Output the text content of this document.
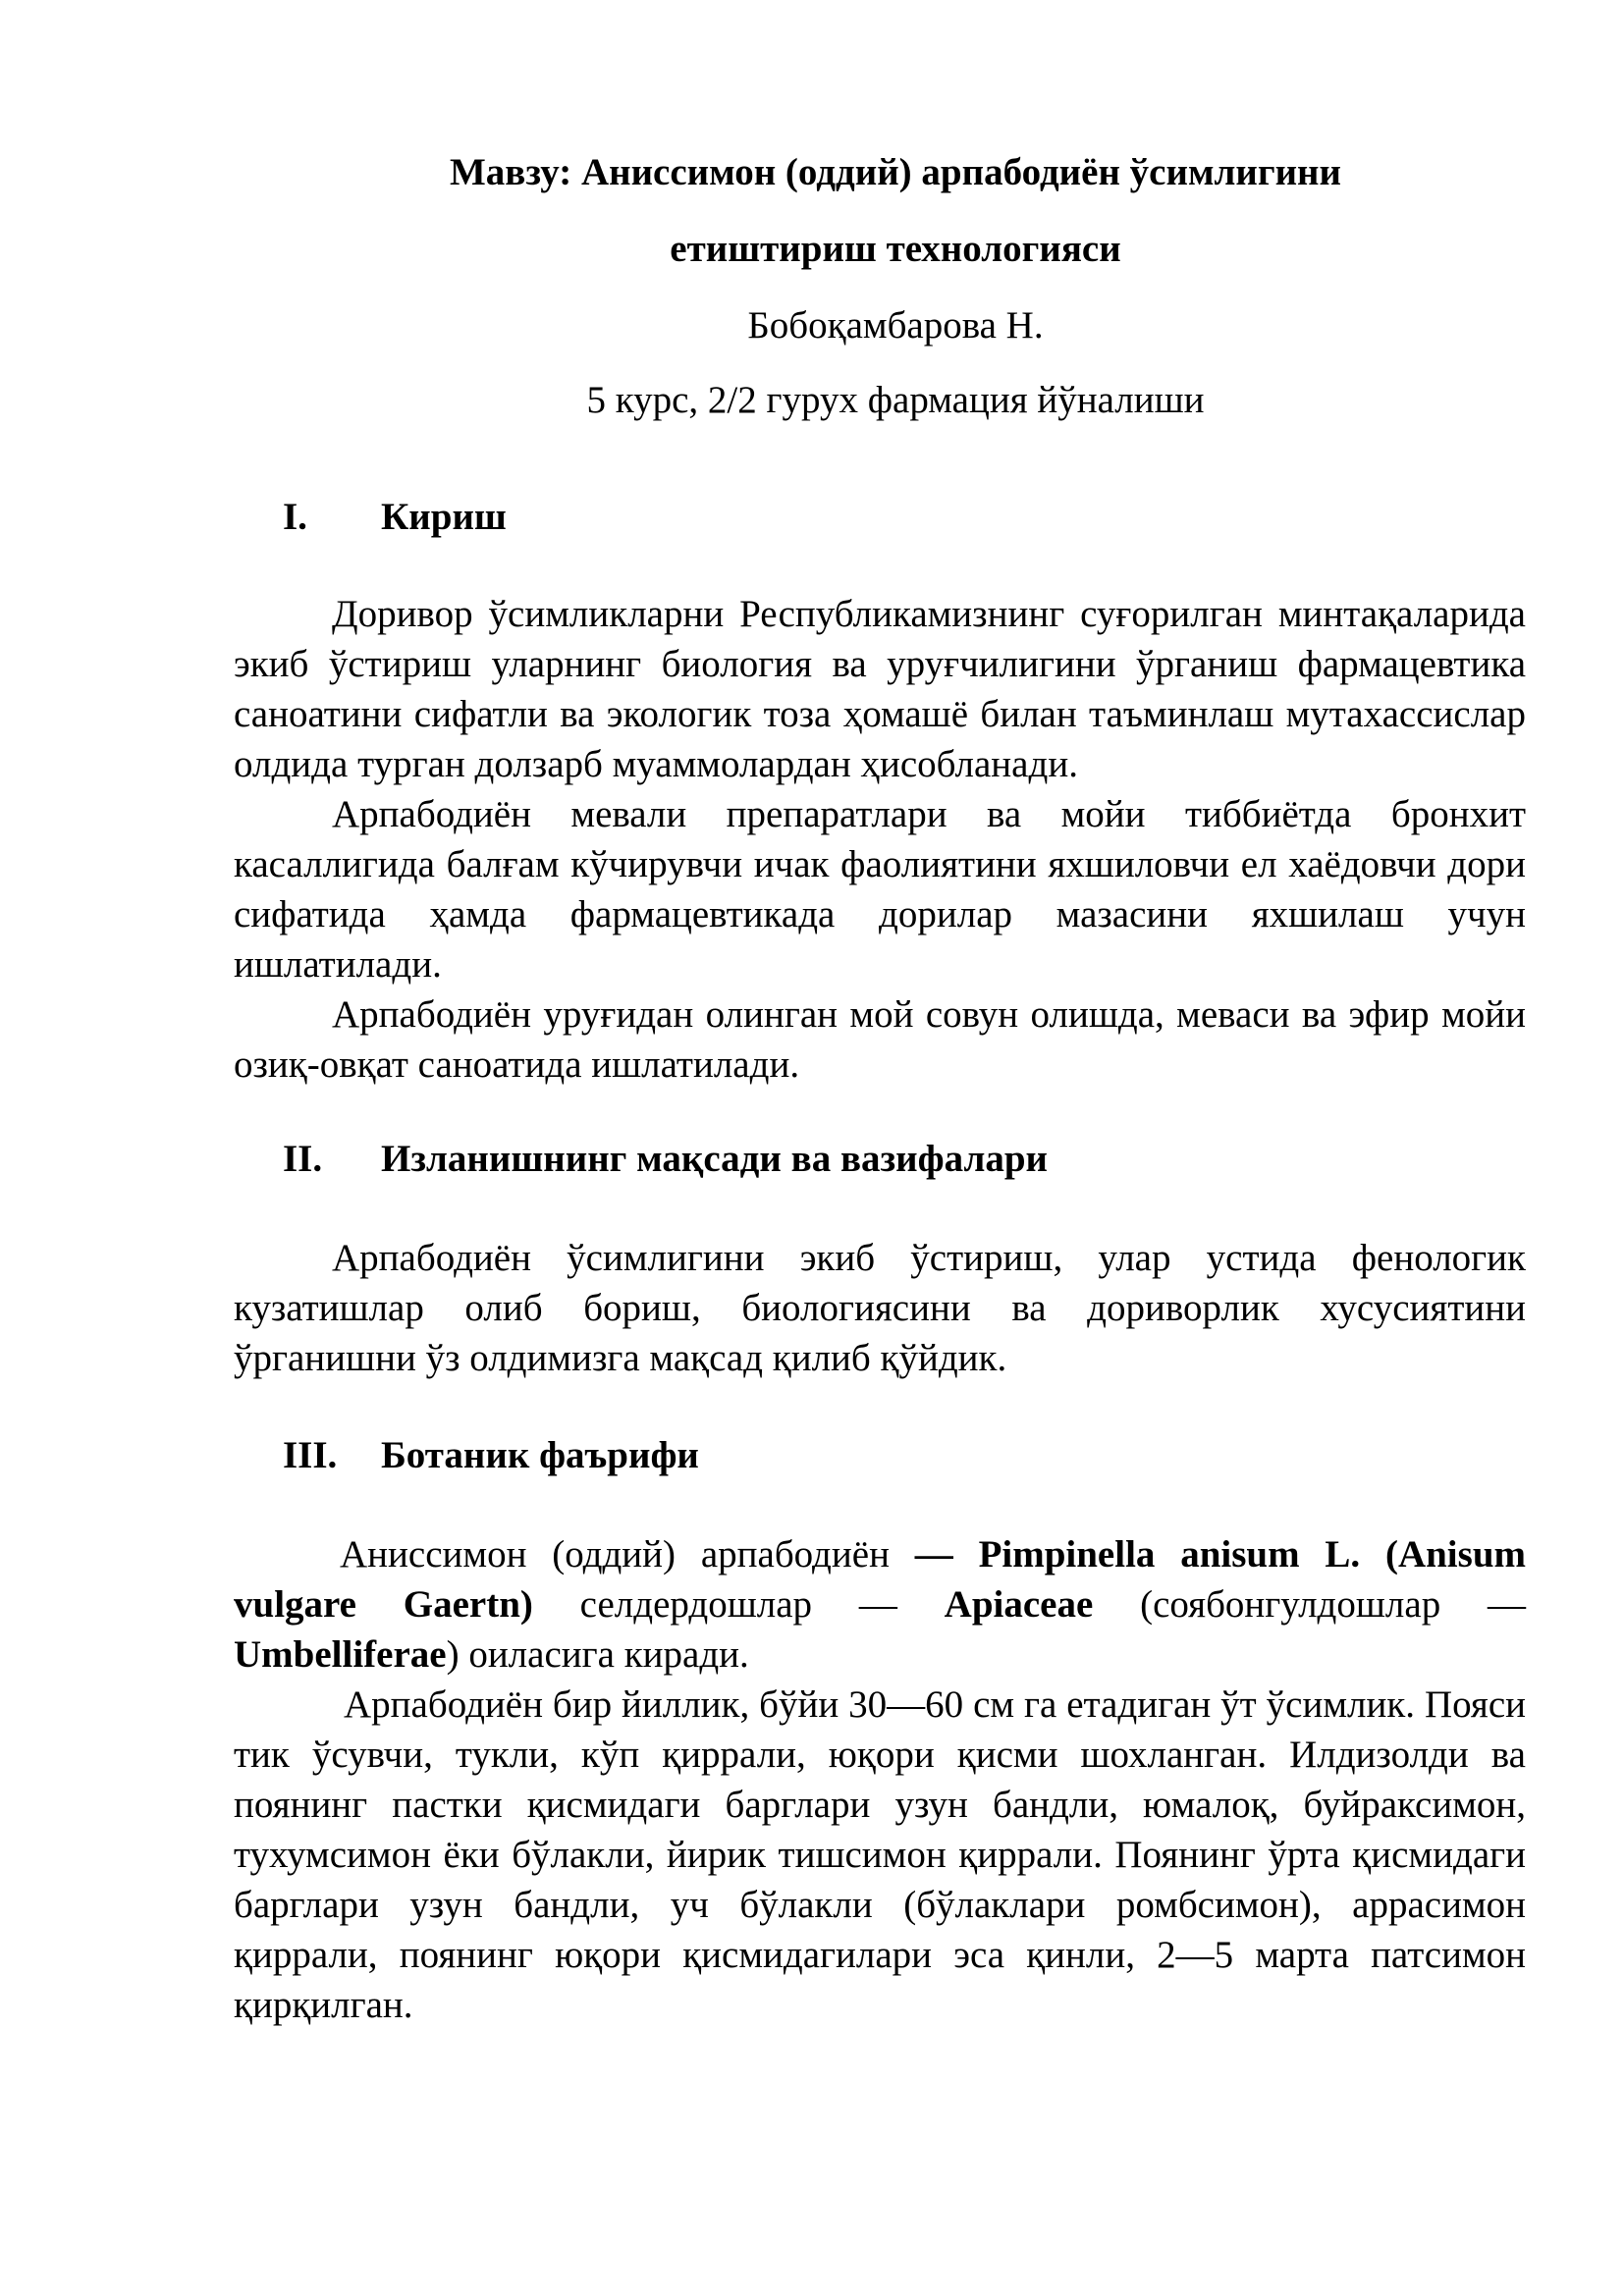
Мавзу: Аниссимон (оддий) арпабодиён ўсимлигини

етиштириш технологияси

Бобоқамбарова Н.

5 курс, 2/2 гурух фармация йўналиши

I.	Кириш

Доривор ўсимликларни Республикамизнинг суғорилган минтақаларида экиб ўстириш уларнинг биология ва уруғчилигини ўрганиш фармацевтика саноатини сифатли ва экологик тоза ҳомашё билан таъминлаш мутахассислар олдида турган долзарб муаммолардан ҳисобланади.

Арпабодиён мевали препаратлари ва мойи тиббиётда бронхит касаллигида балғам кўчирувчи ичак фаолиятини яхшиловчи ел хаёдовчи дори сифатида ҳамда фармацевтикада дорилар мазасини яхшилаш учун ишлатилади.

Арпабодиён уруғидан олинган мой совун олишда, меваси ва эфир мойи озиқ-овқат саноатида ишлатилади.

II.	Изланишнинг мақсади ва вазифалари

Арпабодиён ўсимлигини экиб ўстириш, улар устида фенологик кузатишлар олиб бориш, биологиясини ва дориворлик хусусиятини ўрганишни ўз олдимизга мақсад қилиб қўйдик.

III.	Ботаник фаърифи

Аниссимон (оддий) арпабодиён — Pimpinella anisum L. (Anisum vulgare Gaertn) селдердошлар — Apiaceae (соябонгулдошлар — Umbelliferae) оиласига киради.

Арпабодиён бир йиллик, бўйи 30—60 см га етадиган ўт ўсимлик. Пояси тик ўсувчи, тукли, кўп қиррали, юқори қисми шохланган. Илдизолди ва поянинг пастки қисмидаги барглари узун бандли, юмалоқ, буйраксимон, тухумсимон ёки бўлакли, йирик тишсимон қиррали. Поянинг ўрта қисмидаги барглари узун бандли, уч бўлакли (бўлаклари ромбсимон), аррасимон қиррали, поянинг юқори қисмидагилари эса қинли, 2—5 марта патсимон қирқилган.
